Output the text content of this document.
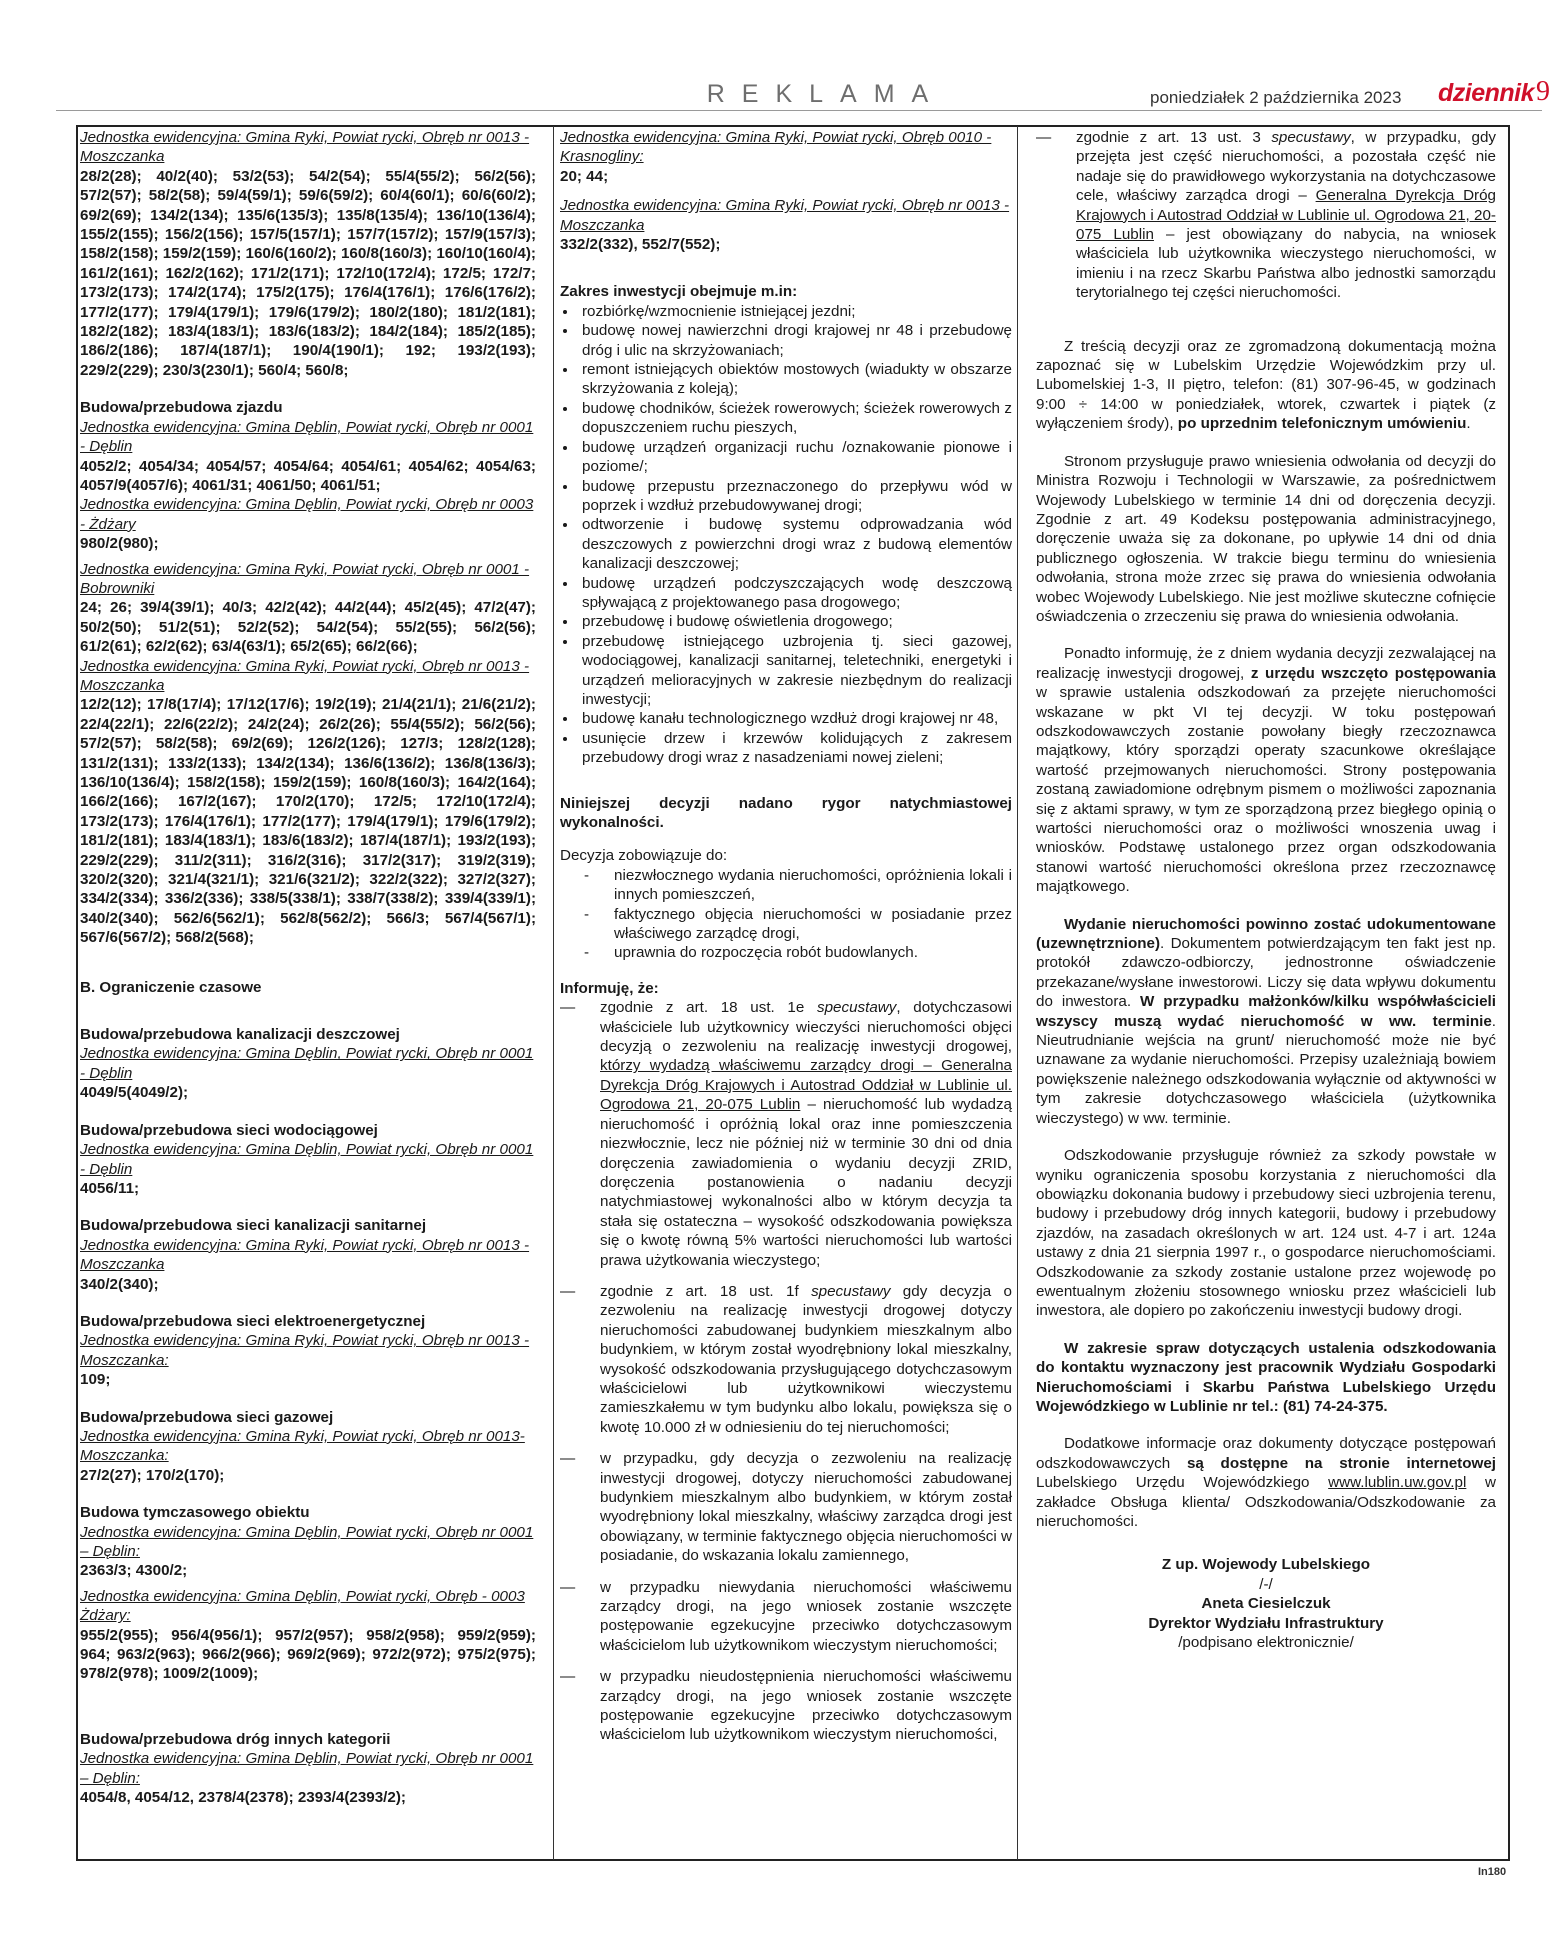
REKLAMA	poniedziałek 2 października 2023 dziennik 9

Jednostka ewidencyjna: Gmina Ryki, Powiat rycki, Obręb nr 0013 - Moszczanka

28/2(28); 40/2(40); 53/2(53); 54/2(54); 55/4(55/2); 56/2(56); 57/2(57); 58/2(58); 59/4(59/1); 59/6(59/2); 60/4(60/1); 60/6(60/2); 69/2(69); 134/2(134); 135/6(135/3); 135/8(135/4); 136/10(136/4); 155/2(155); 156/2(156); 157/5(157/1); 157/7(157/2); 157/9(157/3); 158/2(158); 159/2(159); 160/6(160/2); 160/8(160/3); 160/10(160/4); 161/2(161); 162/2(162); 171/2(171); 172/10(172/4); 172/5; 172/7; 173/2(173); 174/2(174); 175/2(175); 176/4(176/1); 176/6(176/2); 177/2(177); 179/4(179/1); 179/6(179/2); 180/2(180); 181/2(181); 182/2(182); 183/4(183/1); 183/6(183/2); 184/2(184); 185/2(185); 186/2(186); 187/4(187/1); 190/4(190/1); 192; 193/2(193); 229/2(229); 230/3(230/1); 560/4; 560/8;

Budowa/przebudowa zjazdu

Jednostka ewidencyjna: Gmina Dęblin, Powiat rycki, Obręb nr 0001 - Dęblin

4052/2; 4054/34; 4054/57; 4054/64; 4054/61; 4054/62; 4054/63; 4057/9(4057/6); 4061/31; 4061/50; 4061/51;

Jednostka ewidencyjna: Gmina Dęblin, Powiat rycki, Obręb nr 0003 - Żdżary

980/2(980);

Jednostka ewidencyjna: Gmina Ryki, Powiat rycki, Obręb nr 0001 - Bobrowniki

24; 26; 39/4(39/1); 40/3; 42/2(42); 44/2(44); 45/2(45); 47/2(47); 50/2(50); 51/2(51); 52/2(52); 54/2(54); 55/2(55); 56/2(56); 61/2(61); 62/2(62); 63/4(63/1); 65/2(65); 66/2(66);

Jednostka ewidencyjna: Gmina Ryki, Powiat rycki, Obręb nr 0013 - Moszczanka

12/2(12); 17/8(17/4); 17/12(17/6); 19/2(19); 21/4(21/1); 21/6(21/2); 22/4(22/1); 22/6(22/2); 24/2(24); 26/2(26); 55/4(55/2); 56/2(56); 57/2(57); 58/2(58); 69/2(69); 126/2(126); 127/3; 128/2(128); 131/2(131); 133/2(133); 134/2(134); 136/6(136/2); 136/8(136/3); 136/10(136/4); 158/2(158); 159/2(159); 160/8(160/3); 164/2(164); 166/2(166); 167/2(167); 170/2(170); 172/5; 172/10(172/4); 173/2(173); 176/4(176/1); 177/2(177); 179/4(179/1); 179/6(179/2); 181/2(181); 183/4(183/1); 183/6(183/2); 187/4(187/1); 193/2(193); 229/2(229); 311/2(311); 316/2(316); 317/2(317); 319/2(319); 320/2(320); 321/4(321/1); 321/6(321/2); 322/2(322); 327/2(327); 334/2(334); 336/2(336); 338/5(338/1); 338/7(338/2); 339/4(339/1); 340/2(340); 562/6(562/1); 562/8(562/2); 566/3; 567/4(567/1); 567/6(567/2); 568/2(568);

B. Ograniczenie czasowe

Budowa/przebudowa kanalizacji deszczowej

Jednostka ewidencyjna: Gmina Dęblin, Powiat rycki, Obręb nr 0001 - Dęblin

4049/5(4049/2);

Budowa/przebudowa sieci wodociągowej

Jednostka ewidencyjna: Gmina Dęblin, Powiat rycki, Obręb nr 0001 - Dęblin

4056/11;

Budowa/przebudowa sieci kanalizacji sanitarnej

Jednostka ewidencyjna: Gmina Ryki, Powiat rycki, Obręb nr 0013 - Moszczanka

340/2(340);

Budowa/przebudowa sieci elektroenergetycznej

Jednostka ewidencyjna: Gmina Ryki, Powiat rycki, Obręb nr 0013 - Moszczanka:

109;

Budowa/przebudowa sieci gazowej

Jednostka ewidencyjna: Gmina Ryki, Powiat rycki, Obręb nr 0013- Moszczanka:

27/2(27); 170/2(170);

Budowa tymczasowego obiektu

Jednostka ewidencyjna: Gmina Dęblin, Powiat rycki, Obręb nr 0001 – Dęblin:

2363/3; 4300/2;

Jednostka ewidencyjna: Gmina Dęblin, Powiat rycki, Obręb - 0003 Żdżary:

955/2(955); 956/4(956/1); 957/2(957); 958/2(958); 959/2(959); 964; 963/2(963); 966/2(966); 969/2(969); 972/2(972); 975/2(975); 978/2(978); 1009/2(1009);

Budowa/przebudowa dróg innych kategorii

Jednostka ewidencyjna: Gmina Dęblin, Powiat rycki, Obręb nr 0001 – Dęblin:

4054/8, 4054/12, 2378/4(2378); 2393/4(2393/2);

Jednostka ewidencyjna: Gmina Ryki, Powiat rycki, Obręb 0010 - Krasnogliny:

20; 44;

Jednostka ewidencyjna: Gmina Ryki, Powiat rycki, Obręb nr 0013 - Moszczanka

332/2(332), 552/7(552);

Zakres inwestycji obejmuje m.in:

• rozbiórkę/wzmocnienie istniejącej jezdni;
• budowę nowej nawierzchni drogi krajowej nr 48 i przebudowę dróg i ulic na skrzyżowaniach;
• remont istniejących obiektów mostowych (wiadukty w obszarze skrzyżowania z koleją);
• budowę chodników, ścieżek rowerowych; ścieżek rowerowych z dopuszczeniem ruchu pieszych,
• budowę urządzeń organizacji ruchu /oznakowanie pionowe i poziome/;
• budowę przepustu przeznaczonego do przepływu wód w poprzek i wzdłuż przebudowywanej drogi;
• odtworzenie i budowę systemu odprowadzania wód deszczowych z powierzchni drogi wraz z budową elementów kanalizacji deszczowej;
• budowę urządzeń podczyszczających wodę deszczową spływającą z projektowanego pasa drogowego;
• przebudowę i budowę oświetlenia drogowego;
• przebudowę istniejącego uzbrojenia tj. sieci gazowej, wodociągowej, kanalizacji sanitarnej, teletechniki, energetyki i urządzeń melioracyjnych w zakresie niezbędnym do realizacji inwestycji;
• budowę kanału technologicznego wzdłuż drogi krajowej nr 48,
• usunięcie drzew i krzewów kolidujących z zakresem przebudowy drogi wraz z nasadzeniami nowej zieleni;

Niniejszej decyzji nadano rygor natychmiastowej wykonalności.

Decyzja zobowiązuje do:

- niezwłocznego wydania nieruchomości, opróżnienia lokali i innych pomieszczeń,
- faktycznego objęcia nieruchomości w posiadanie przez właściwego zarządcę drogi,
- uprawnia do rozpoczęcia robót budowlanych.

Informuję, że:

— zgodnie z art. 18 ust. 1e specustawy, dotychczasowi właściciele lub użytkownicy wieczyści nieruchomości objęci decyzją o zezwoleniu na realizację inwestycji drogowej, którzy wydadzą właściwemu zarządcy drogi – Generalna Dyrekcja Dróg Krajowych i Autostrad Oddział w Lublinie ul. Ogrodowa 21, 20-075 Lublin – nieruchomość lub wydadzą nieruchomość i opróżnią lokal oraz inne pomieszczenia niezwłocznie, lecz nie później niż w terminie 30 dni od dnia doręczenia zawiadomienia o wydaniu decyzji ZRID, doręczenia postanowienia o nadaniu decyzji natychmiastowej wykonalności albo w którym decyzja ta stała się ostateczna – wysokość odszkodowania powiększa się o kwotę równą 5% wartości nieruchomości lub wartości prawa użytkowania wieczystego;
— zgodnie z art. 18 ust. 1f specustawy gdy decyzja o zezwoleniu na realizację inwestycji drogowej dotyczy nieruchomości zabudowanej budynkiem mieszkalnym albo budynkiem, w którym został wyodrębniony lokal mieszkalny, wysokość odszkodowania przysługującego dotychczasowym właścicielowi lub użytkownikowi wieczystemu zamieszkałemu w tym budynku albo lokalu, powiększa się o kwotę 10.000 zł w odniesieniu do tej nieruchomości;
— w przypadku, gdy decyzja o zezwoleniu na realizację inwestycji drogowej, dotyczy nieruchomości zabudowanej budynkiem mieszkalnym albo budynkiem, w którym został wyodrębniony lokal mieszkalny, właściwy zarządca drogi jest obowiązany, w terminie faktycznego objęcia nieruchomości w posiadanie, do wskazania lokalu zamiennego,
— w przypadku niewydania nieruchomości właściwemu zarządcy drogi, na jego wniosek zostanie wszczęte postępowanie egzekucyjne przeciwko dotychczasowym właścicielom lub użytkownikom wieczystym nieruchomości;
— w przypadku nieudostępnienia nieruchomości właściwemu zarządcy drogi, na jego wniosek zostanie wszczęte postępowanie egzekucyjne przeciwko dotychczasowym właścicielom lub użytkownikom wieczystym nieruchomości,
— zgodnie z art. 13 ust. 3 specustawy, w przypadku, gdy przejęta jest część nieruchomości, a pozostała część nie nadaje się do prawidłowego wykorzystania na dotychczasowe cele, właściwy zarządca drogi – Generalna Dyrekcja Dróg Krajowych i Autostrad Oddział w Lublinie ul. Ogrodowa 21, 20-075 Lublin – jest obowiązany do nabycia, na wniosek właściciela lub użytkownika wieczystego nieruchomości, w imieniu i na rzecz Skarbu Państwa albo jednostki samorządu terytorialnego tej części nieruchomości.

Z treścią decyzji oraz ze zgromadzoną dokumentacją można zapoznać się w Lubelskim Urzędzie Wojewódzkim przy ul. Lubomelskiej 1-3, II piętro, telefon: (81) 307-96-45, w godzinach 9:00 ÷ 14:00 w poniedziałek, wtorek, czwartek i piątek (z wyłączeniem środy), po uprzednim telefonicznym umówieniu.

Stronom przysługuje prawo wniesienia odwołania od decyzji do Ministra Rozwoju i Technologii w Warszawie, za pośrednictwem Wojewody Lubelskiego w terminie 14 dni od doręczenia decyzji. Zgodnie z art. 49 Kodeksu postępowania administracyjnego, doręczenie uważa się za dokonane, po upływie 14 dni od dnia publicznego ogłoszenia. W trakcie biegu terminu do wniesienia odwołania, strona może zrzec się prawa do wniesienia odwołania wobec Wojewody Lubelskiego. Nie jest możliwe skuteczne cofnięcie oświadczenia o zrzeczeniu się prawa do wniesienia odwołania.

Ponadto informuję, że z dniem wydania decyzji zezwalającej na realizację inwestycji drogowej, z urzędu wszczęto postępowania w sprawie ustalenia odszkodowań za przejęte nieruchomości wskazane w pkt VI tej decyzji. W toku postępowań odszkodowawczych zostanie powołany biegły rzeczoznawca majątkowy, który sporządzi operaty szacunkowe określające wartość przejmowanych nieruchomości. Strony postępowania zostaną zawiadomione odrębnym pismem o możliwości zapoznania się z aktami sprawy, w tym ze sporządzoną przez biegłego opinią o wartości nieruchomości oraz o możliwości wnoszenia uwag i wniosków. Podstawę ustalonego przez organ odszkodowania stanowi wartość nieruchomości określona przez rzeczoznawcę majątkowego.

Wydanie nieruchomości powinno zostać udokumentowane (uzewnętrznione). Dokumentem potwierdzającym ten fakt jest np. protokół zdawczo-odbiorczy, jednostronne oświadczenie przekazane/wysłane inwestorowi. Liczy się data wpływu dokumentu do inwestora. W przypadku małżonków/kilku współwłaścicieli wszyscy muszą wydać nieruchomość w ww. terminie. Nieutrudnianie wejścia na grunt/ nieruchomość może nie być uznawane za wydanie nieruchomości. Przepisy uzależniają bowiem powiększenie należnego odszkodowania wyłącznie od aktywności w tym zakresie dotychczasowego właściciela (użytkownika wieczystego) w ww. terminie.

Odszkodowanie przysługuje również za szkody powstałe w wyniku ograniczenia sposobu korzystania z nieruchomości dla obowiązku dokonania budowy i przebudowy sieci uzbrojenia terenu, budowy i przebudowy dróg innych kategorii, budowy i przebudowy zjazdów, na zasadach określonych w art. 124 ust. 4-7 i art. 124a ustawy z dnia 21 sierpnia 1997 r., o gospodarce nieruchomościami. Odszkodowanie za szkody zostanie ustalone przez wojewodę po ewentualnym złożeniu stosownego wniosku przez właścicieli lub inwestora, ale dopiero po zakończeniu inwestycji budowy drogi.

W zakresie spraw dotyczących ustalenia odszkodowania do kontaktu wyznaczony jest pracownik Wydziału Gospodarki Nieruchomościami i Skarbu Państwa Lubelskiego Urzędu Wojewódzkiego w Lublinie nr tel.: (81) 74-24-375.

Dodatkowe informacje oraz dokumenty dotyczące postępowań odszkodowawczych są dostępne na stronie internetowej Lubelskiego Urzędu Wojewódzkiego www.lublin.uw.gov.pl w zakładce Obsługa klienta/ Odszkodowania/Odszkodowanie za nieruchomości.

Z up. Wojewody Lubelskiego

/-/

Aneta Ciesielczuk

Dyrektor Wydziału Infrastruktury

/podpisano elektronicznie/

In180
